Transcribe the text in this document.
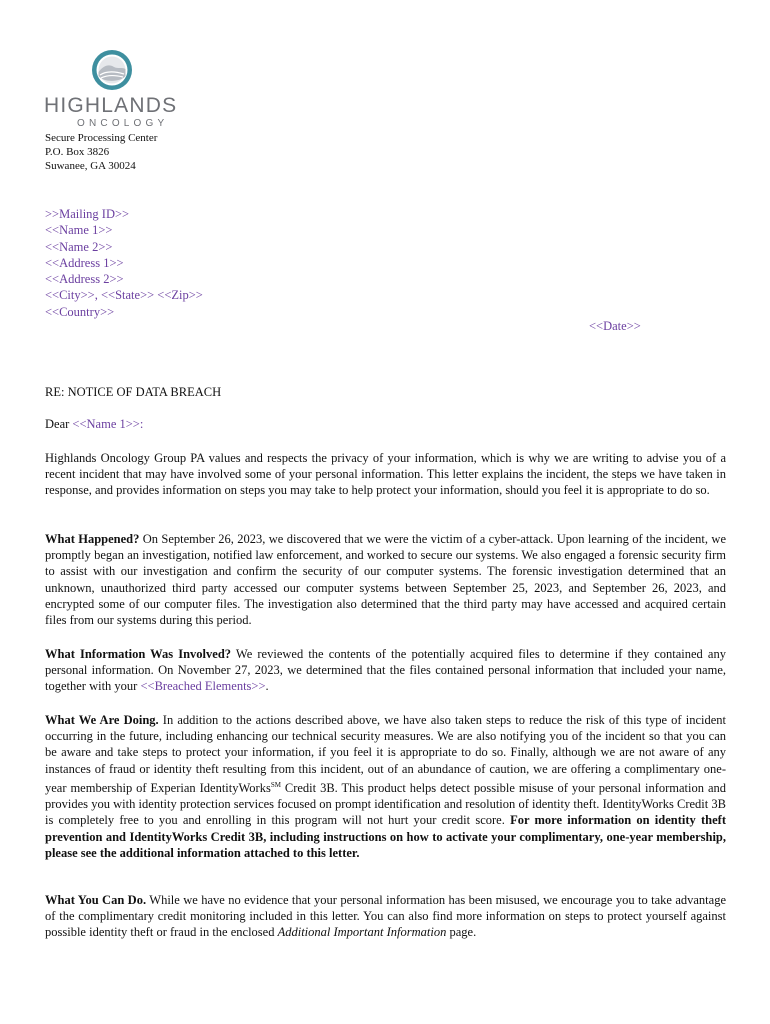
HIGHLANDS
ONCOLOGY
Secure Processing Center
P.O. Box 3826
Suwanee, GA 30024
>>Mailing ID>>
<<Name 1>>
<<Name 2>>
<<Address 1>>
<<Address 2>>
<<City>>, <<State>> <<Zip>>
<<Country>>
<<Date>>
RE: NOTICE OF DATA BREACH
Dear <<Name 1>>:

Highlands Oncology Group PA values and respects the privacy of your information, which is why we are writing to advise you of a recent incident that may have involved some of your personal information. This letter explains the incident, the steps we have taken in response, and provides information on steps you may take to help protect your information, should you feel it is appropriate to do so.

What Happened? On September 26, 2023, we discovered that we were the victim of a cyber-attack. Upon learning of the incident, we promptly began an investigation, notified law enforcement, and worked to secure our systems. We also engaged a forensic security firm to assist with our investigation and confirm the security of our computer systems. The forensic investigation determined that an unknown, unauthorized third party accessed our computer systems between September 25, 2023, and September 26, 2023, and encrypted some of our computer files. The investigation also determined that the third party may have accessed and acquired certain files from our systems during this period.

What Information Was Involved? We reviewed the contents of the potentially acquired files to determine if they contained any personal information. On November 27, 2023, we determined that the files contained personal information that included your name, together with your <<Breached Elements>>.

What We Are Doing. In addition to the actions described above, we have also taken steps to reduce the risk of this type of incident occurring in the future, including enhancing our technical security measures. We are also notifying you of the incident so that you can be aware and take steps to protect your information, if you feel it is appropriate to do so. Finally, although we are not aware of any instances of fraud or identity theft resulting from this incident, out of an abundance of caution, we are offering a complimentary one-year membership of Experian IdentityWorks℠ Credit 3B. This product helps detect possible misuse of your personal information and provides you with identity protection services focused on prompt identification and resolution of identity theft. IdentityWorks Credit 3B is completely free to you and enrolling in this program will not hurt your credit score. For more information on identity theft prevention and IdentityWorks Credit 3B, including instructions on how to activate your complimentary, one-year membership, please see the additional information attached to this letter.

What You Can Do. While we have no evidence that your personal information has been misused, we encourage you to take advantage of the complimentary credit monitoring included in this letter. You can also find more information on steps to protect yourself against possible identity theft or fraud in the enclosed Additional Important Information page.
